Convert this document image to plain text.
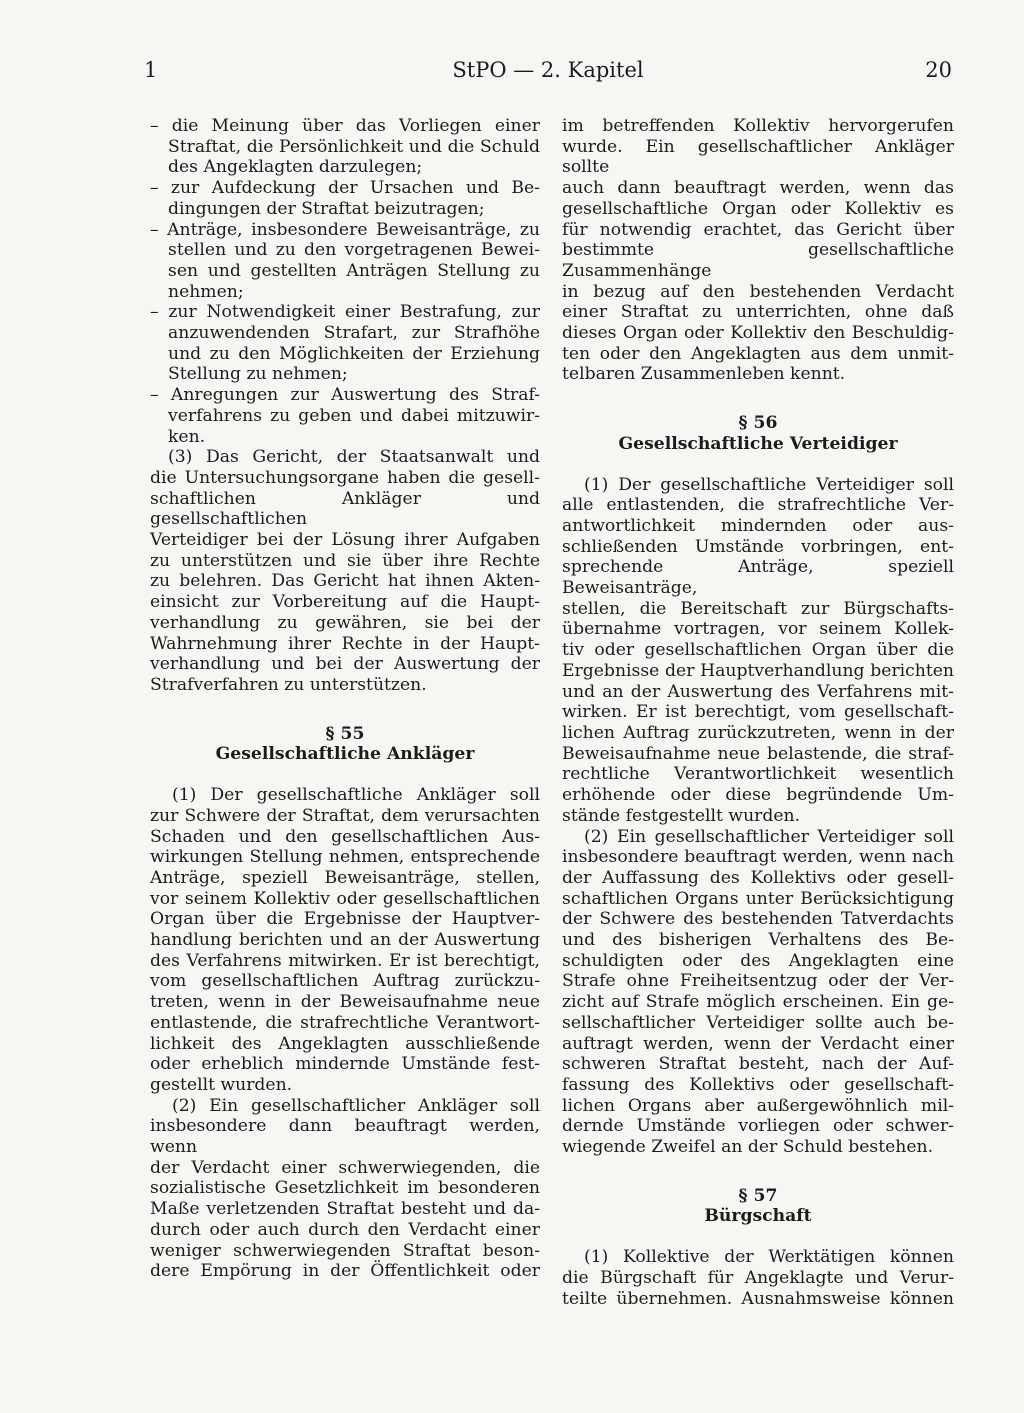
1	StPO — 2. Kapitel	20
– die Meinung über das Vorliegen einer
Straftat, die Persönlichkeit und die Schuld
des Angeklagten darzulegen;
– zur Aufdeckung der Ursachen und Be-
dingungen der Straftat beizutragen;
– Anträge, insbesondere Beweisanträge, zu
stellen und zu den vorgetragenen Bewei-
sen und gestellten Anträgen Stellung zu
nehmen;
– zur Notwendigkeit einer Bestrafung, zur
anzuwendenden Strafart, zur Strafhöhe
und zu den Möglichkeiten der Erziehung
Stellung zu nehmen;
– Anregungen zur Auswertung des Straf-
verfahrens zu geben und dabei mitzuwir-
ken.
(3) Das Gericht, der Staatsanwalt und
die Untersuchungsorgane haben die gesell-
schaftlichen Ankläger und gesellschaftlichen
Verteidiger bei der Lösung ihrer Aufgaben
zu unterstützen und sie über ihre Rechte
zu belehren. Das Gericht hat ihnen Akten-
einsicht zur Vorbereitung auf die Haupt-
verhandlung zu gewähren, sie bei der
Wahrnehmung ihrer Rechte in der Haupt-
verhandlung und bei der Auswertung der
Strafverfahren zu unterstützen.
§ 55
Gesellschaftliche Ankläger
(1) Der gesellschaftliche Ankläger soll
zur Schwere der Straftat, dem verursachten
Schaden und den gesellschaftlichen Aus-
wirkungen Stellung nehmen, entsprechende
Anträge, speziell Beweisanträge, stellen,
vor seinem Kollektiv oder gesellschaftlichen
Organ über die Ergebnisse der Hauptver-
handlung berichten und an der Auswertung
des Verfahrens mitwirken. Er ist berechtigt,
vom gesellschaftlichen Auftrag zurückzu-
treten, wenn in der Beweisaufnahme neue
entlastende, die strafrechtliche Verantwort-
lichkeit des Angeklagten ausschließende
oder erheblich mindernde Umstände fest-
gestellt wurden.
(2) Ein gesellschaftlicher Ankläger soll
insbesondere dann beauftragt werden, wenn
der Verdacht einer schwerwiegenden, die
sozialistische Gesetzlichkeit im besonderen
Maße verletzenden Straftat besteht und da-
durch oder auch durch den Verdacht einer
weniger schwerwiegenden Straftat beson-
dere Empörung in der Öffentlichkeit oder
im betreffenden Kollektiv hervorgerufen
wurde. Ein gesellschaftlicher Ankläger sollte
auch dann beauftragt werden, wenn das
gesellschaftliche Organ oder Kollektiv es
für notwendig erachtet, das Gericht über
bestimmte gesellschaftliche Zusammenhänge
in bezug auf den bestehenden Verdacht
einer Straftat zu unterrichten, ohne daß
dieses Organ oder Kollektiv den Beschuldig-
ten oder den Angeklagten aus dem unmit-
telbaren Zusammenleben kennt.
§ 56
Gesellschaftliche Verteidiger
(1) Der gesellschaftliche Verteidiger soll
alle entlastenden, die strafrechtliche Ver-
antwortlichkeit mindernden oder aus-
schließenden Umstände vorbringen, ent-
sprechende Anträge, speziell Beweisanträge,
stellen, die Bereitschaft zur Bürgschafts-
übernahme vortragen, vor seinem Kollek-
tiv oder gesellschaftlichen Organ über die
Ergebnisse der Hauptverhandlung berichten
und an der Auswertung des Verfahrens mit-
wirken. Er ist berechtigt, vom gesellschaft-
lichen Auftrag zurückzutreten, wenn in der
Beweisaufnahme neue belastende, die straf-
rechtliche Verantwortlichkeit wesentlich
erhöhende oder diese begründende Um-
stände festgestellt wurden.
(2) Ein gesellschaftlicher Verteidiger soll
insbesondere beauftragt werden, wenn nach
der Auffassung des Kollektivs oder gesell-
schaftlichen Organs unter Berücksichtigung
der Schwere des bestehenden Tatverdachts
und des bisherigen Verhaltens des Be-
schuldigten oder des Angeklagten eine
Strafe ohne Freiheitsentzug oder der Ver-
zicht auf Strafe möglich erscheinen. Ein ge-
sellschaftlicher Verteidiger sollte auch be-
auftragt werden, wenn der Verdacht einer
schweren Straftat besteht, nach der Auf-
fassung des Kollektivs oder gesellschaft-
lichen Organs aber außergewöhnlich mil-
dernde Umstände vorliegen oder schwer-
wiegende Zweifel an der Schuld bestehen.
§ 57
Bürgschaft
(1) Kollektive der Werktätigen können
die Bürgschaft für Angeklagte und Verur-
teilte übernehmen. Ausnahmsweise können
